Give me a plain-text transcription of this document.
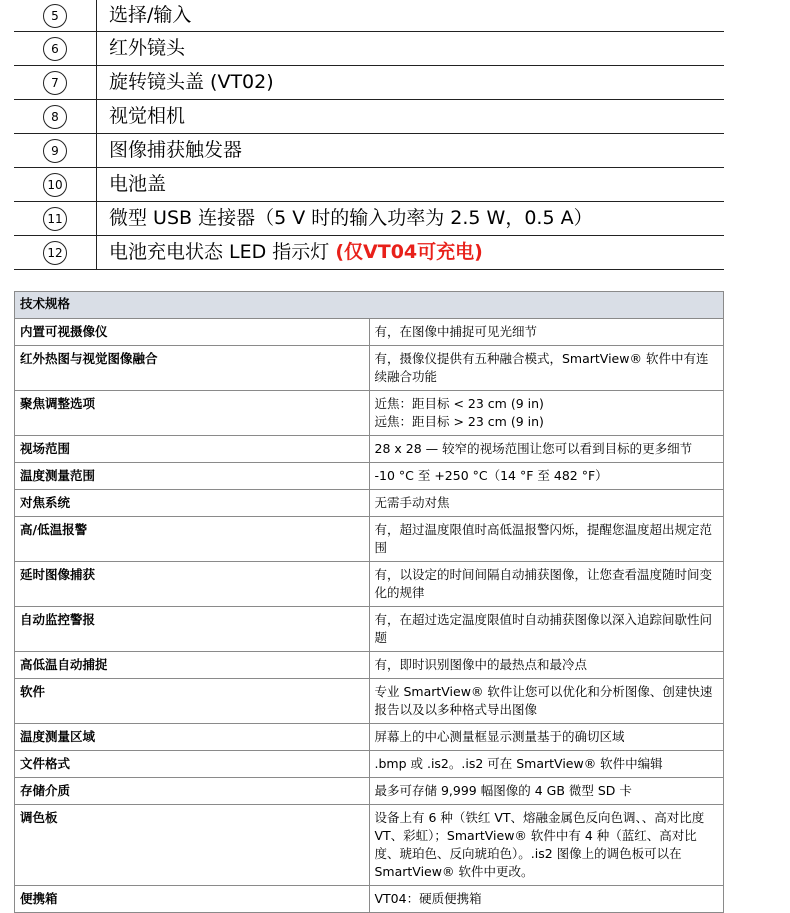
5	选择/输入
6	红外镜头
7	旋转镜头盖 (VT02)
8	视觉相机
9	图像捕获触发器
10	电池盖
11	微型 USB 连接器（5 V 时的输入功率为 2.5 W，0.5 A）
12	电池充电状态 LED 指示灯 (仅VT04可充电)
技术规格	
内置可视摄像仪	有，在图像中捕捉可见光细节

红外热图与视觉图像融合	有，摄像仪提供有五种融合模式，SmartView® 软件中有连续融合功能

聚焦调整选项	近焦：距目标 < 23 cm (9 in)
远焦：距目标 > 23 cm (9 in)

视场范围	28 x 28 — 较窄的视场范围让您可以看到目标的更多细节

温度测量范围	-10 °C 至 +250 °C（14 °F 至 482 °F）

对焦系统	无需手动对焦

高/低温报警	有，超过温度限值时高低温报警闪烁，提醒您温度超出规定范围

延时图像捕获	有，以设定的时间间隔自动捕获图像，让您查看温度随时间变化的规律

自动监控警报	有，在超过选定温度限值时自动捕获图像以深入追踪间歇性问题

高低温自动捕捉	有，即时识别图像中的最热点和最冷点

软件	专业 SmartView® 软件让您可以优化和分析图像、创建快速报告以及以多种格式导出图像

温度测量区域	屏幕上的中心测量框显示测量基于的确切区域

文件格式	.bmp 或 .is2。.is2 可在 SmartView® 软件中编辑

存储介质	最多可存储 9,999 幅图像的 4 GB 微型 SD 卡

调色板	设备上有 6 种（铁红 VT、熔融金属色反向色调、、高对比度 VT、彩虹）；SmartView® 软件中有 4 种（蓝红、高对比度、琥珀色、反向琥珀色）。.is2 图像上的调色板可以在 SmartView® 软件中更改。

便携箱	VT04：硬质便携箱
